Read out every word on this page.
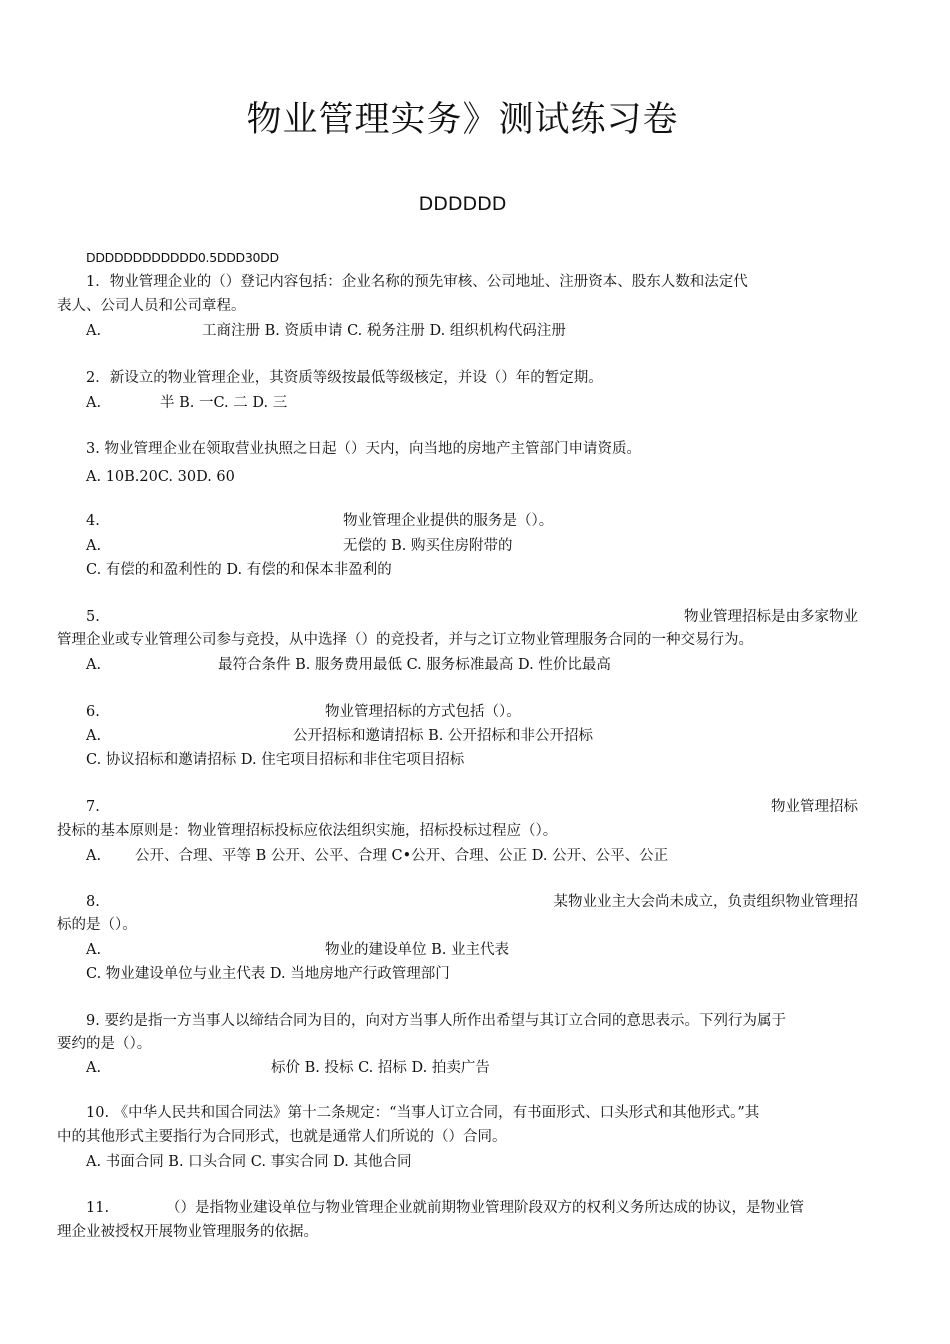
物业管理实务》测试练习卷
DDDDDD
DDDDDDDDDDDD0.5DDD30DD
1．物业管理企业的（）登记内容包括：企业名称的预先审核、公司地址、注册资本、股东人数和法定代
表人、公司人员和公司章程。
A.	工商注册 B. 资质申请 C. 税务注册 D. 组织机构代码注册
2．新设立的物业管理企业，其资质等级按最低等级核定，并设（）年的暂定期。
A.	半 B. 一C. 二 D. 三
3. 物业管理企业在领取营业执照之日起（）天内，向当地的房地产主管部门申请资质。
A. 10B.20C. 30D. 60
4.	物业管理企业提供的服务是（）。
A.	无偿的 B. 购买住房附带的
C. 有偿的和盈利性的 D. 有偿的和保本非盈利的
5.	物业管理招标是由多家物业
管理企业或专业管理公司参与竞投，从中选择（）的竞投者，并与之订立物业管理服务合同的一种交易行为。
A.	最符合条件 B. 服务费用最低 C. 服务标准最高 D. 性价比最高
6.	物业管理招标的方式包括（）。
A.	公开招标和邀请招标 B. 公开招标和非公开招标
C. 协议招标和邀请招标 D. 住宅项目招标和非住宅项目招标
7.	物业管理招标
投标的基本原则是：物业管理招标投标应依法组织实施，招标投标过程应（）。
A. 公开、合理、平等 B 公开、公平、合理 C•公开、合理、公正 D. 公开、公平、公正
8.	某物业业主大会尚未成立，负责组织物业管理招
标的是（）。
A.	物业的建设单位 B. 业主代表
C. 物业建设单位与业主代表 D. 当地房地产行政管理部门
9. 要约是指一方当事人以缔结合同为目的，向对方当事人所作出希望与其订立合同的意思表示。下列行为属于
要约的是（）。
A.	标价 B. 投标 C. 招标 D. 拍卖广告
10. 《中华人民共和国合同法》第十二条规定：“当事人订立合同，有书面形式、口头形式和其他形式。”其
中的其他形式主要指行为合同形式，也就是通常人们所说的（）合同。
A. 书面合同 B. 口头合同 C. 事实合同 D. 其他合同
11.	（）是指物业建设单位与物业管理企业就前期物业管理阶段双方的权利义务所达成的协议，是物业管
理企业被授权开展物业管理服务的依据。
